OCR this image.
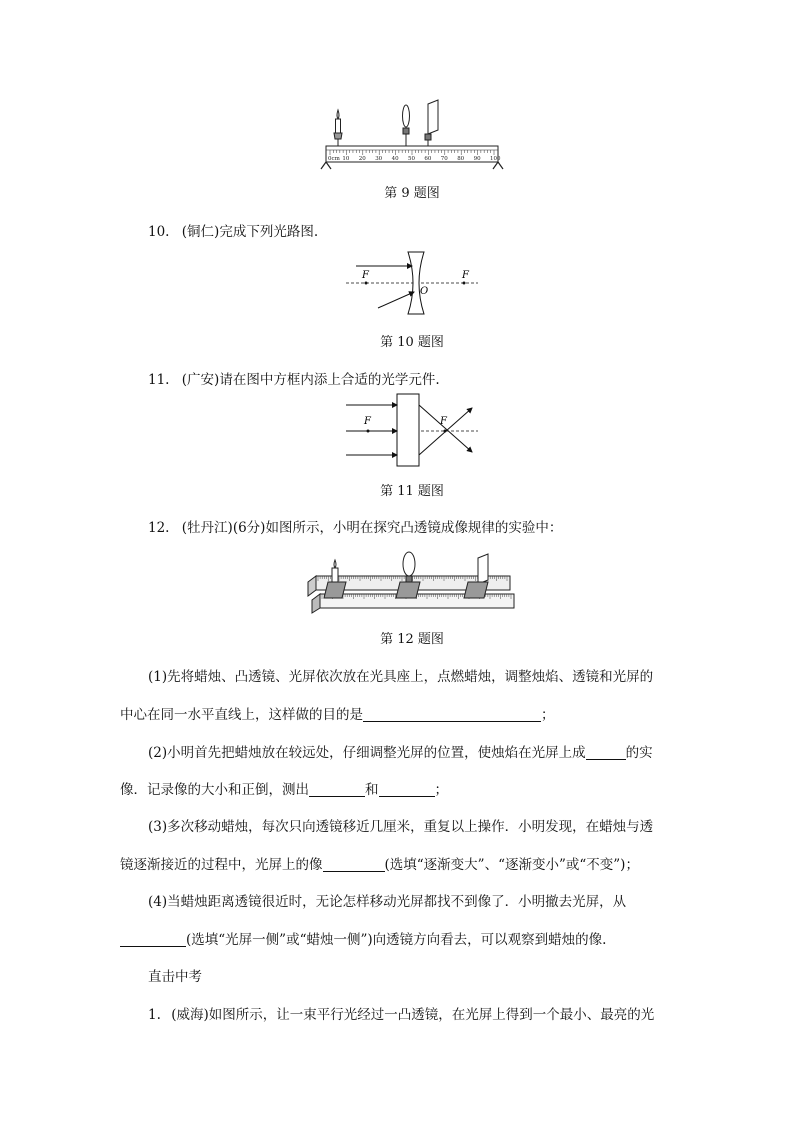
0cm 10 20 30 40 50 60 70 80 90 100
第 9 题图
10. (铜仁)完成下列光路图.
F	F
O
第 10 题图
11. (广安)请在图中方框内添上合适的光学元件.
F	F
第 11 题图
12. (牡丹江)(6分)如图所示，小明在探究凸透镜成像规律的实验中：
第 12 题图
(1)先将蜡烛、凸透镜、光屏依次放在光具座上，点燃蜡烛，调整烛焰、透镜和光屏的
中心在同一水平直线上，这样做的目的是	；
(2)小明首先把蜡烛放在较远处，仔细调整光屏的位置，使烛焰在光屏上成	的实
像．记录像的大小和正倒，测出	和	；
(3)多次移动蜡烛，每次只向透镜移近几厘米，重复以上操作．小明发现，在蜡烛与透
镜逐渐接近的过程中，光屏上的像	(选填“逐渐变大”、“逐渐变小”或“不变”)；
(4)当蜡烛距离透镜很近时，无论怎样移动光屏都找不到像了．小明撤去光屏，从
(选填“光屏一侧”或“蜡烛一侧”)向透镜方向看去，可以观察到蜡烛的像.
直击中考
1. (威海)如图所示，让一束平行光经过一凸透镜，在光屏上得到一个最小、最亮的光
